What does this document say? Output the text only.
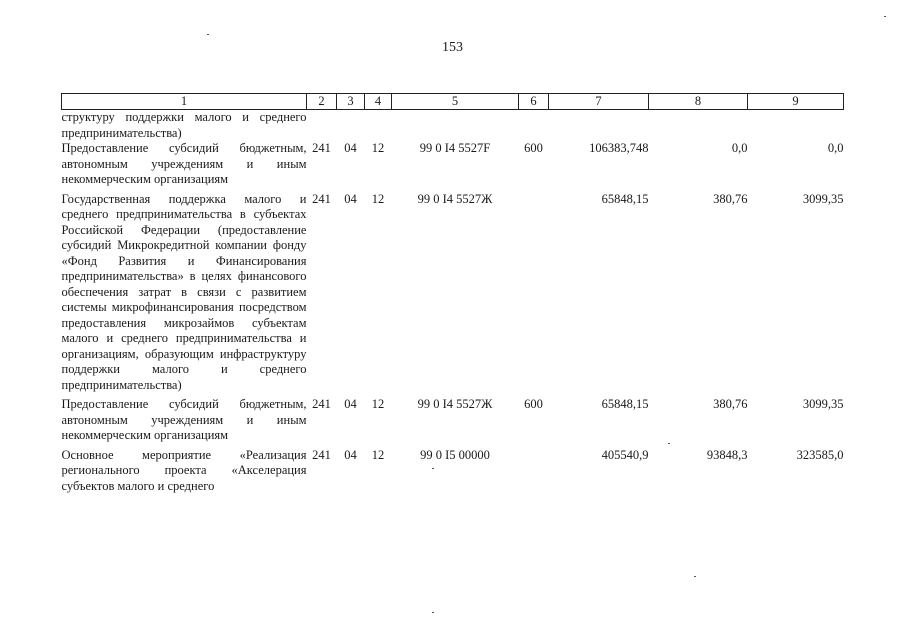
153
1	2	3	4	5	6	7	8	9
структуру поддержки малого и среднего предпринимательства)								
Предоставление субсидий бюджетным, автономным учреждениям и иным некоммерческим организациям	241	04	12	99 0 I4 5527F	600	106383,748	0,0	0,0
Государственная поддержка малого и среднего предпринимательства в субъектах Российской Федерации (предоставление субсидий Микрокредитной компании фонду «Фонд Развития и Финансирования предпринимательства» в целях финансового обеспечения затрат в связи с развитием системы микрофинансирования посредством предоставления микрозаймов субъектам малого и среднего предпринимательства и организациям, образующим инфраструктуру поддержки малого и среднего предпринимательства)	241	04	12	99 0 I4 5527Ж		65848,15	380,76	3099,35
Предоставление субсидий бюджетным, автономным учреждениям и иным некоммерческим организациям	241	04	12	99 0 I4 5527Ж	600	65848,15	380,76	3099,35
Основное мероприятие «Реализация регионального проекта «Акселерация субъектов малого и среднего	241	04	12	99 0 I5 00000		405540,9	93848,3	323585,0
